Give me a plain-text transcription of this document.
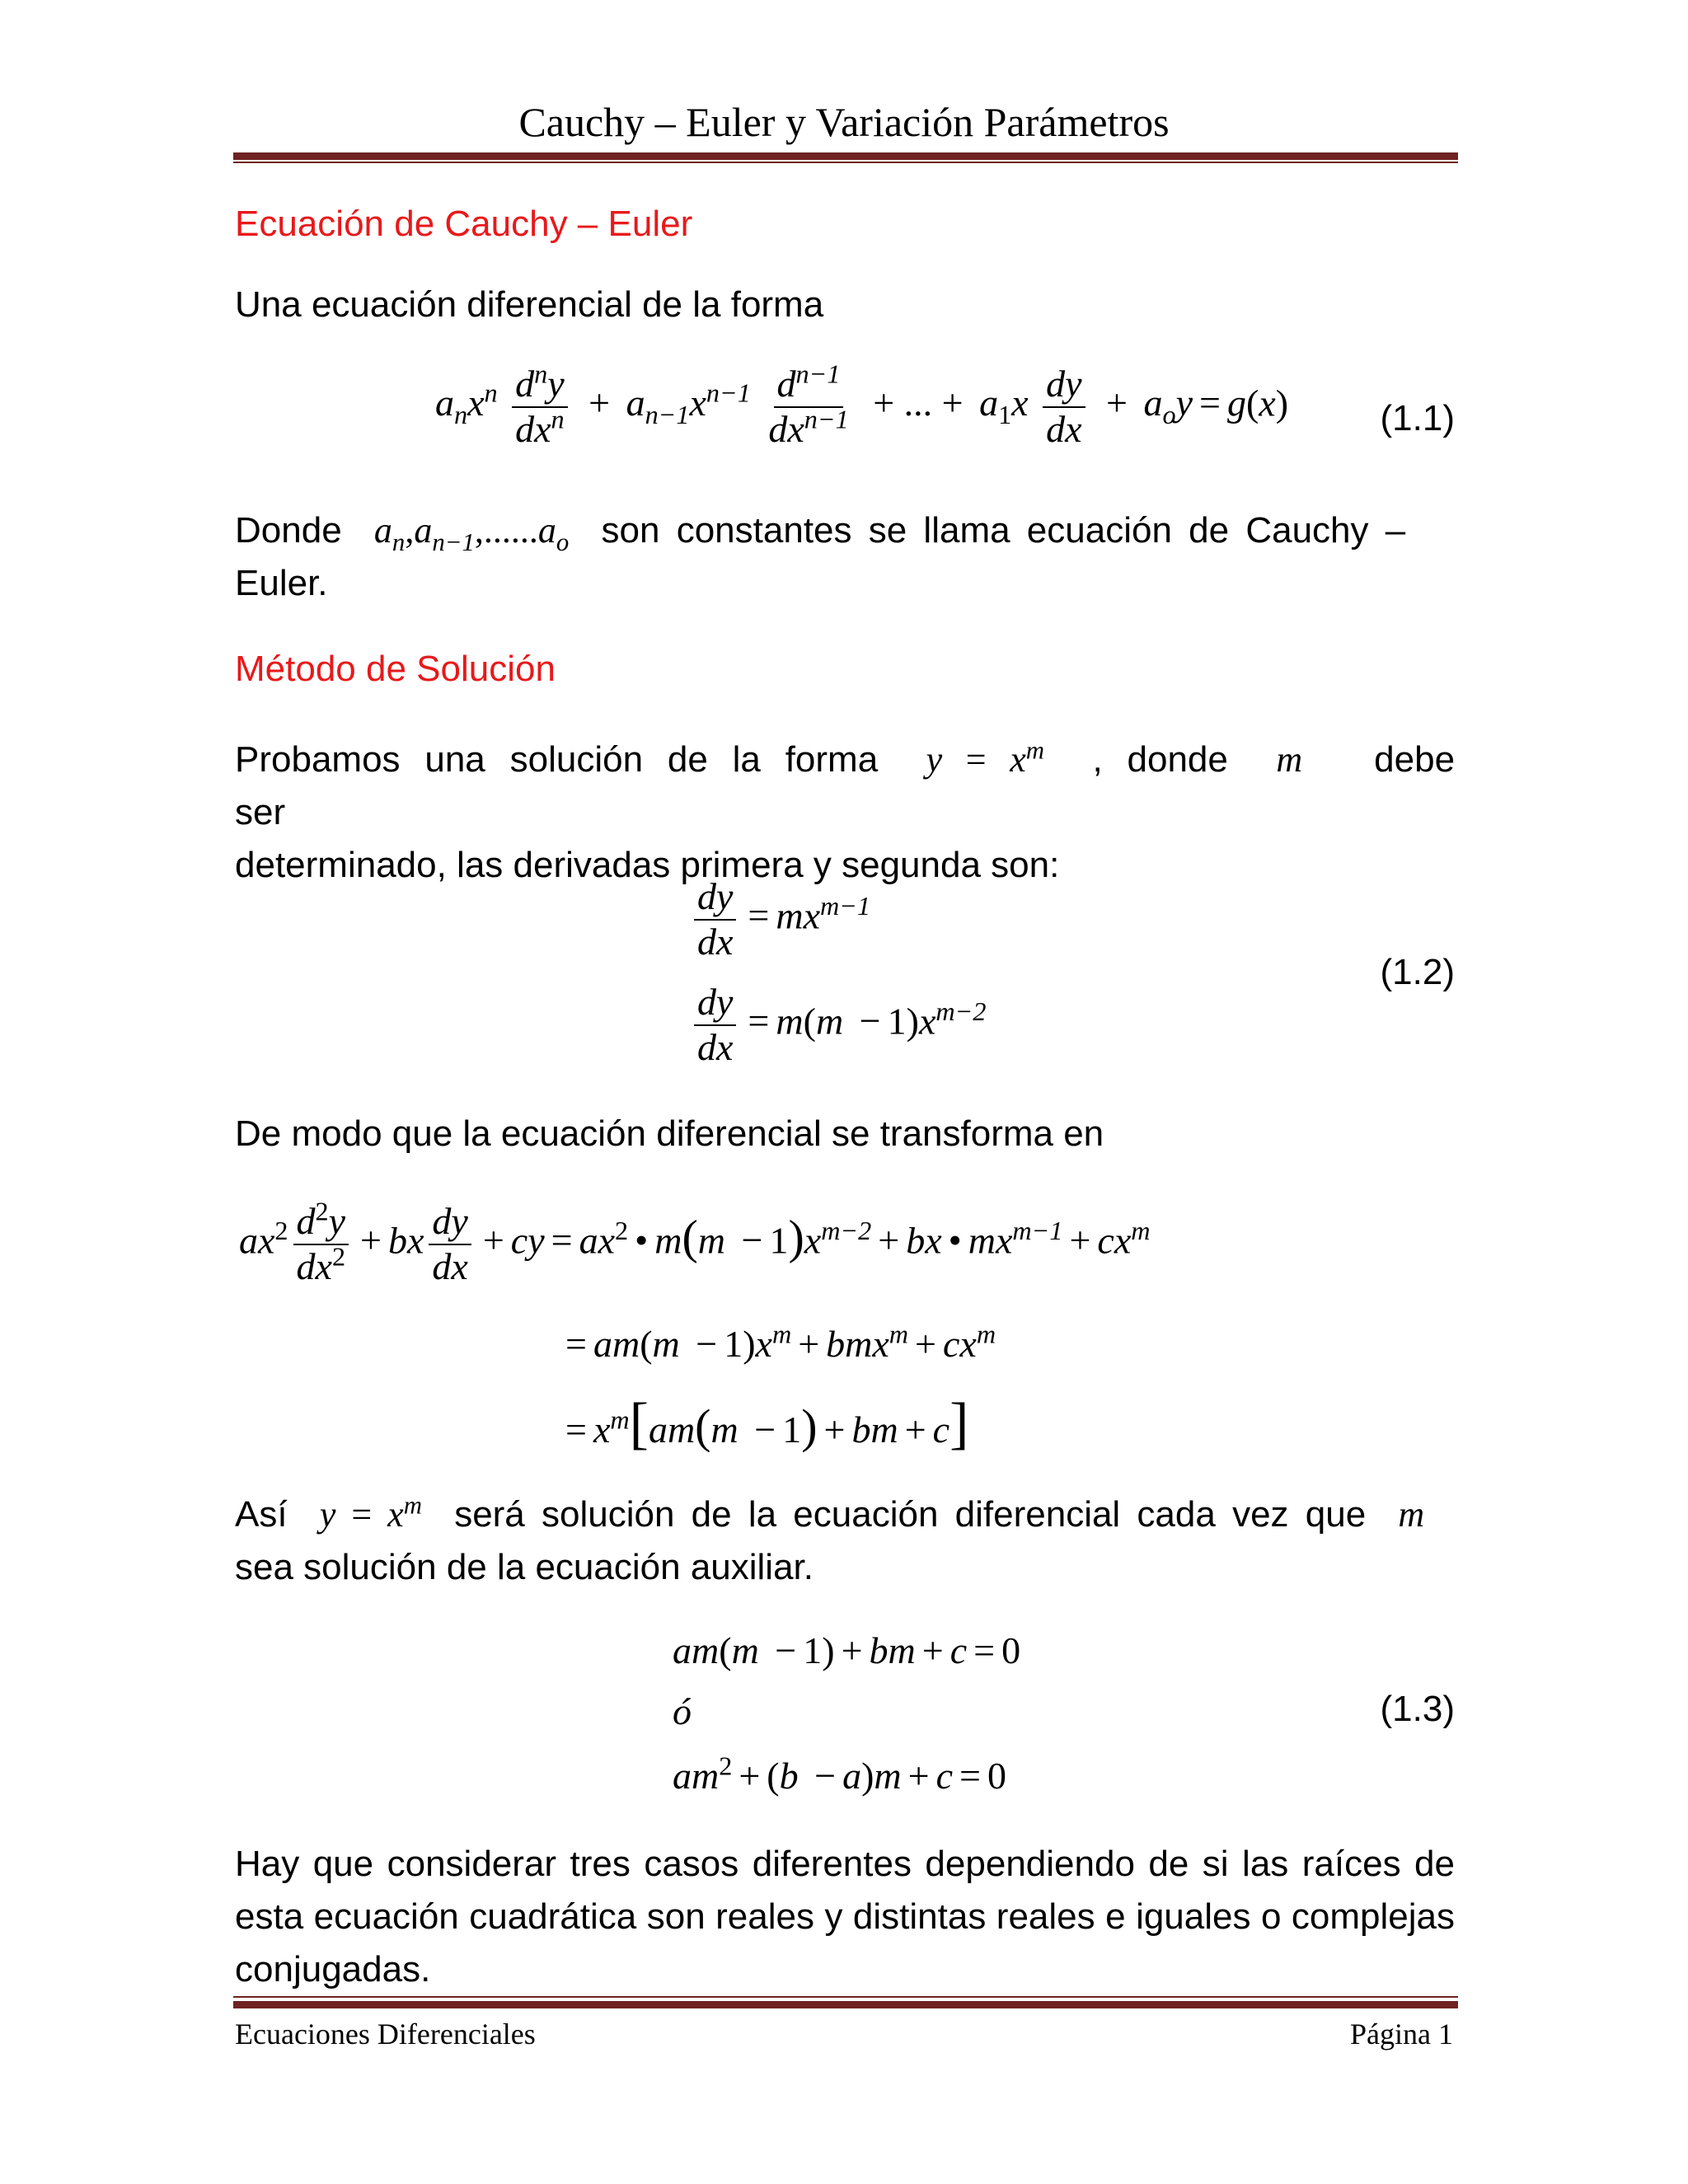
Cauchy – Euler y Variación Parámetros
Ecuación de Cauchy – Euler
Una ecuación diferencial de la forma
$a_nx^n \frac{d^ny}{dx^n} + a_{n-1}x^{n-1} \frac{d^{n-1}}{dx^{n-1}}$ + ... + $a_1x \frac{dy}{dx} + a_oy = g(x)$	(1.1)
Donde  $a_n,a_{n-1},......a_o$ son constantes se llama ecuación de Cauchy –
Euler.
Método de Solución
Probamos una solución de la forma  $y = x^m$ , donde  m   debe ser
determinado, las derivadas primera y segunda son:
$\frac{dy}{dx} = mx^{m-1}$
$\frac{dy}{dx} = m(m - 1)x^{m-2}$
(1.2)
De modo que la ecuación diferencial se transforma en
$ax^2 \frac{d^2y}{dx^2}$ + bx $\frac{dy}{dx}$ + cy = $ax^2$ • $m(m - 1)x^{m-2}$ + bx • $mx^{m-1} + cx^m$
= $am(m - 1)x^m + bmx^m + cx^m$
= $x^m[am(m - 1)$ + bm + c]
Así  $y = x^m$ será solución de la ecuación diferencial cada vez que  m
sea solución de la ecuación auxiliar.
am(m − 1) + bm + c = 0
ó
$am^2 + (b - a)m + c = 0$
(1.3)
Hay que considerar tres casos diferentes dependiendo de si las raíces de esta ecuación cuadrática son reales y distintas reales e iguales o complejas conjugadas.
Ecuaciones Diferenciales	Página 1
